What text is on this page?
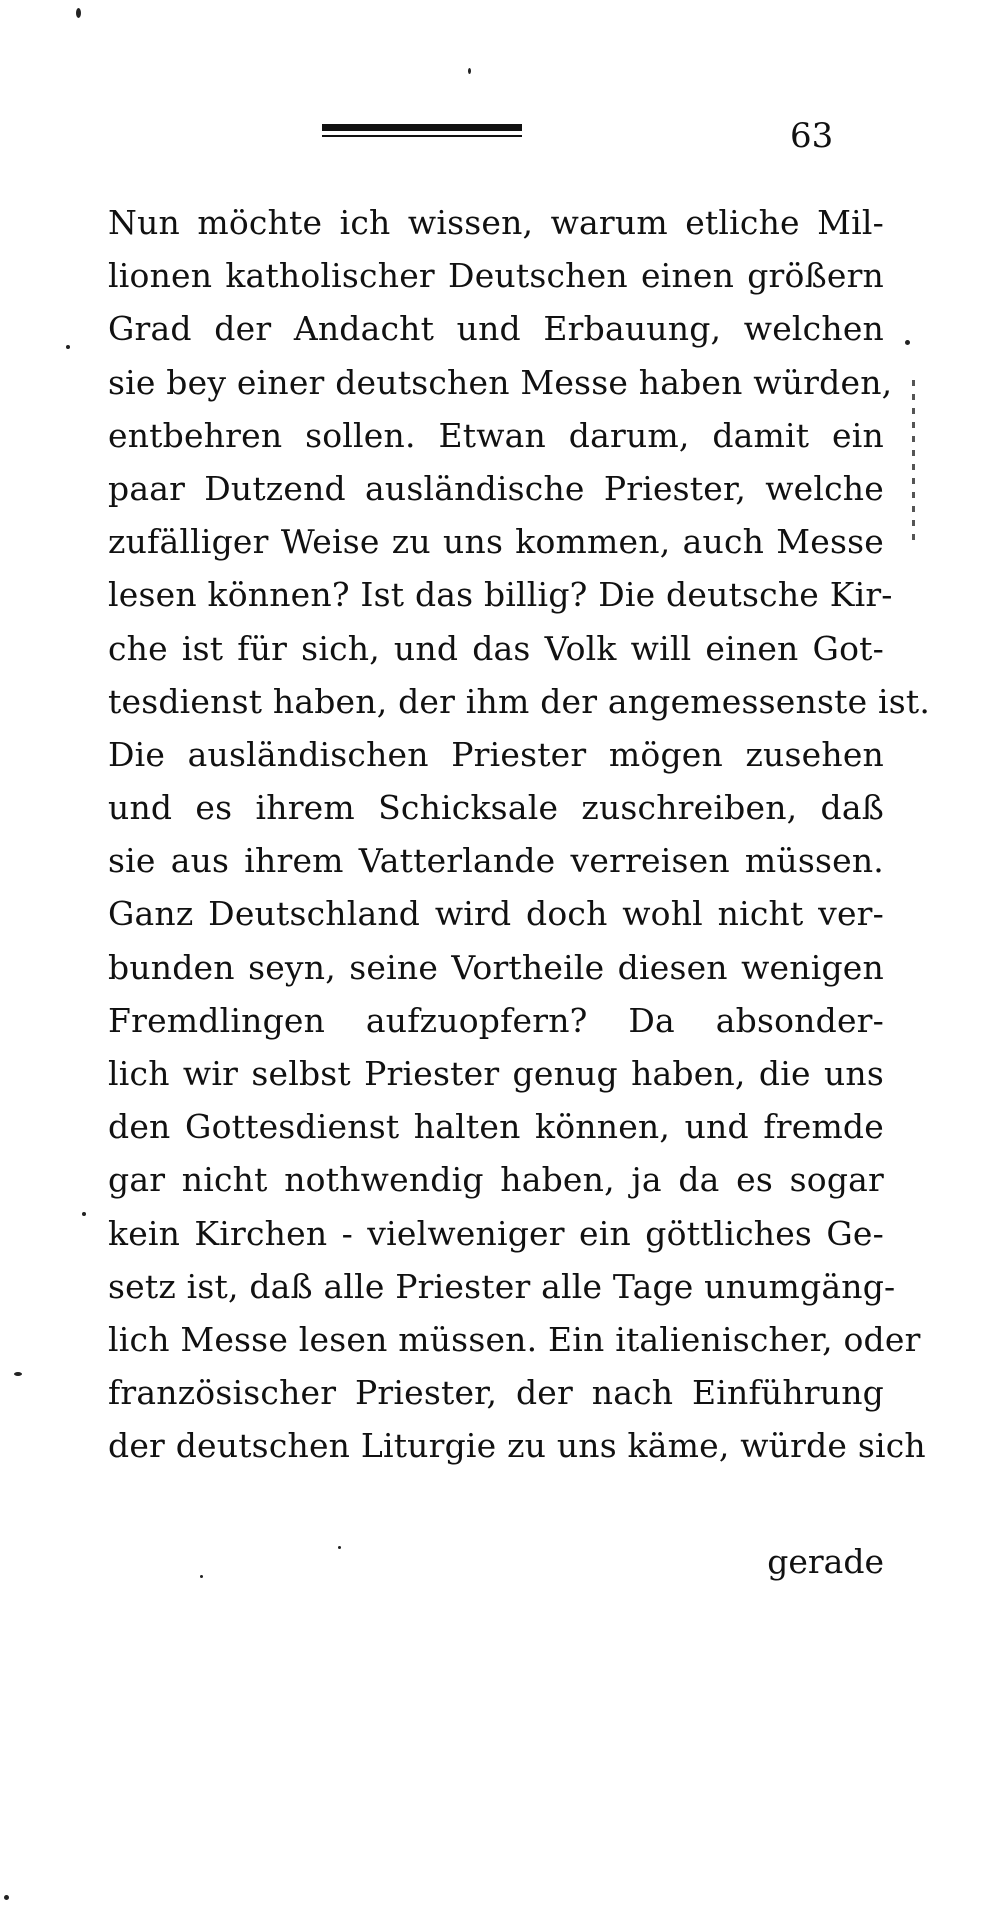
63
Nun möchte ich wissen, warum etliche Mil-
lionen katholischer Deutschen einen größern
Grad der Andacht und Erbauung, welchen
sie bey einer deutschen Messe haben würden,
entbehren sollen. Etwan darum, damit ein
paar Dutzend ausländische Priester, welche
zufälliger Weise zu uns kommen, auch Messe
lesen können? Ist das billig? Die deutsche Kir-
che ist für sich, und das Volk will einen Got-
tesdienst haben, der ihm der angemessenste ist.
Die ausländischen Priester mögen zusehen
und es ihrem Schicksale zuschreiben, daß
sie aus ihrem Vatterlande verreisen müssen.
Ganz Deutschland wird doch wohl nicht ver-
bunden seyn, seine Vortheile diesen wenigen
Fremdlingen aufzuopfern? Da absonder-
lich wir selbst Priester genug haben, die uns
den Gottesdienst halten können, und fremde
gar nicht nothwendig haben, ja da es sogar
kein Kirchen - vielweniger ein göttliches Ge-
setz ist, daß alle Priester alle Tage unumgäng-
lich Messe lesen müssen. Ein italienischer, oder
französischer Priester, der nach Einführung
der deutschen Liturgie zu uns käme, würde sich
gerade
